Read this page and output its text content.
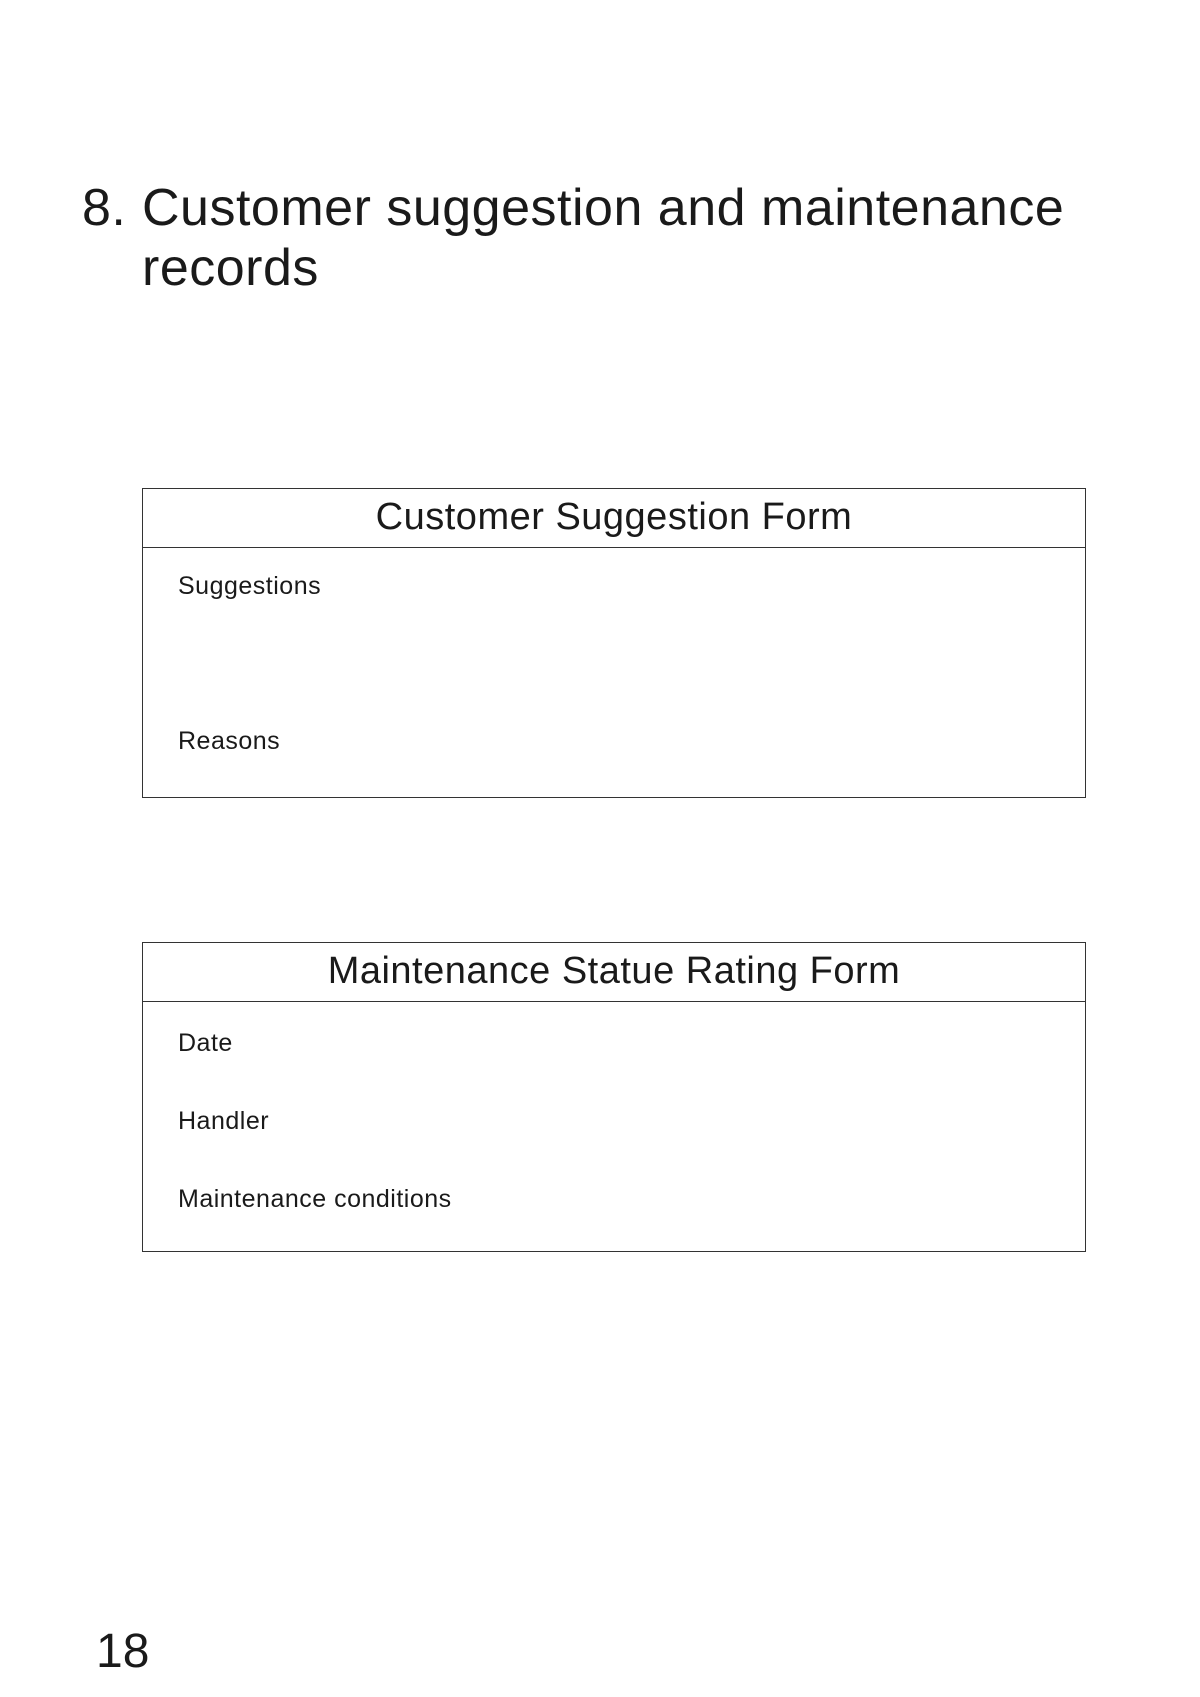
8. Customer suggestion and maintenance records
Customer Suggestion Form
Suggestions
Reasons
Maintenance Statue Rating Form
Date
Handler
Maintenance conditions
18
